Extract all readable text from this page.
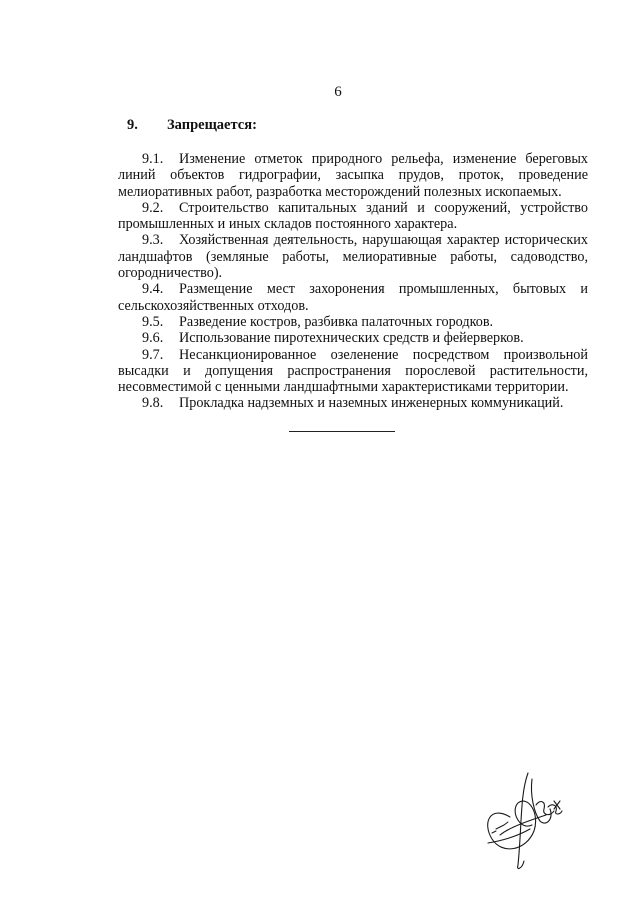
6
9. Запрещается:

9.1. Изменение отметок природного рельефа, изменение береговых линий объектов гидрографии, засыпка прудов, проток, проведение мелиоративных работ, разработка месторождений полезных ископаемых.

9.2. Строительство капитальных зданий и сооружений, устройство промышленных и иных складов постоянного характера.

9.3. Хозяйственная деятельность, нарушающая характер исторических ландшафтов (земляные работы, мелиоративные работы, садоводство, огородничество).

9.4. Размещение мест захоронения промышленных, бытовых и сельскохозяйственных отходов.

9.5. Разведение костров, разбивка палаточных городков.

9.6. Использование пиротехнических средств и фейерверков.

9.7. Несанкционированное озеленение посредством произвольной высадки и допущения распространения порослевой растительности, несовместимой с ценными ландшафтными характеристиками территории.

9.8. Прокладка надземных и наземных инженерных коммуникаций.
